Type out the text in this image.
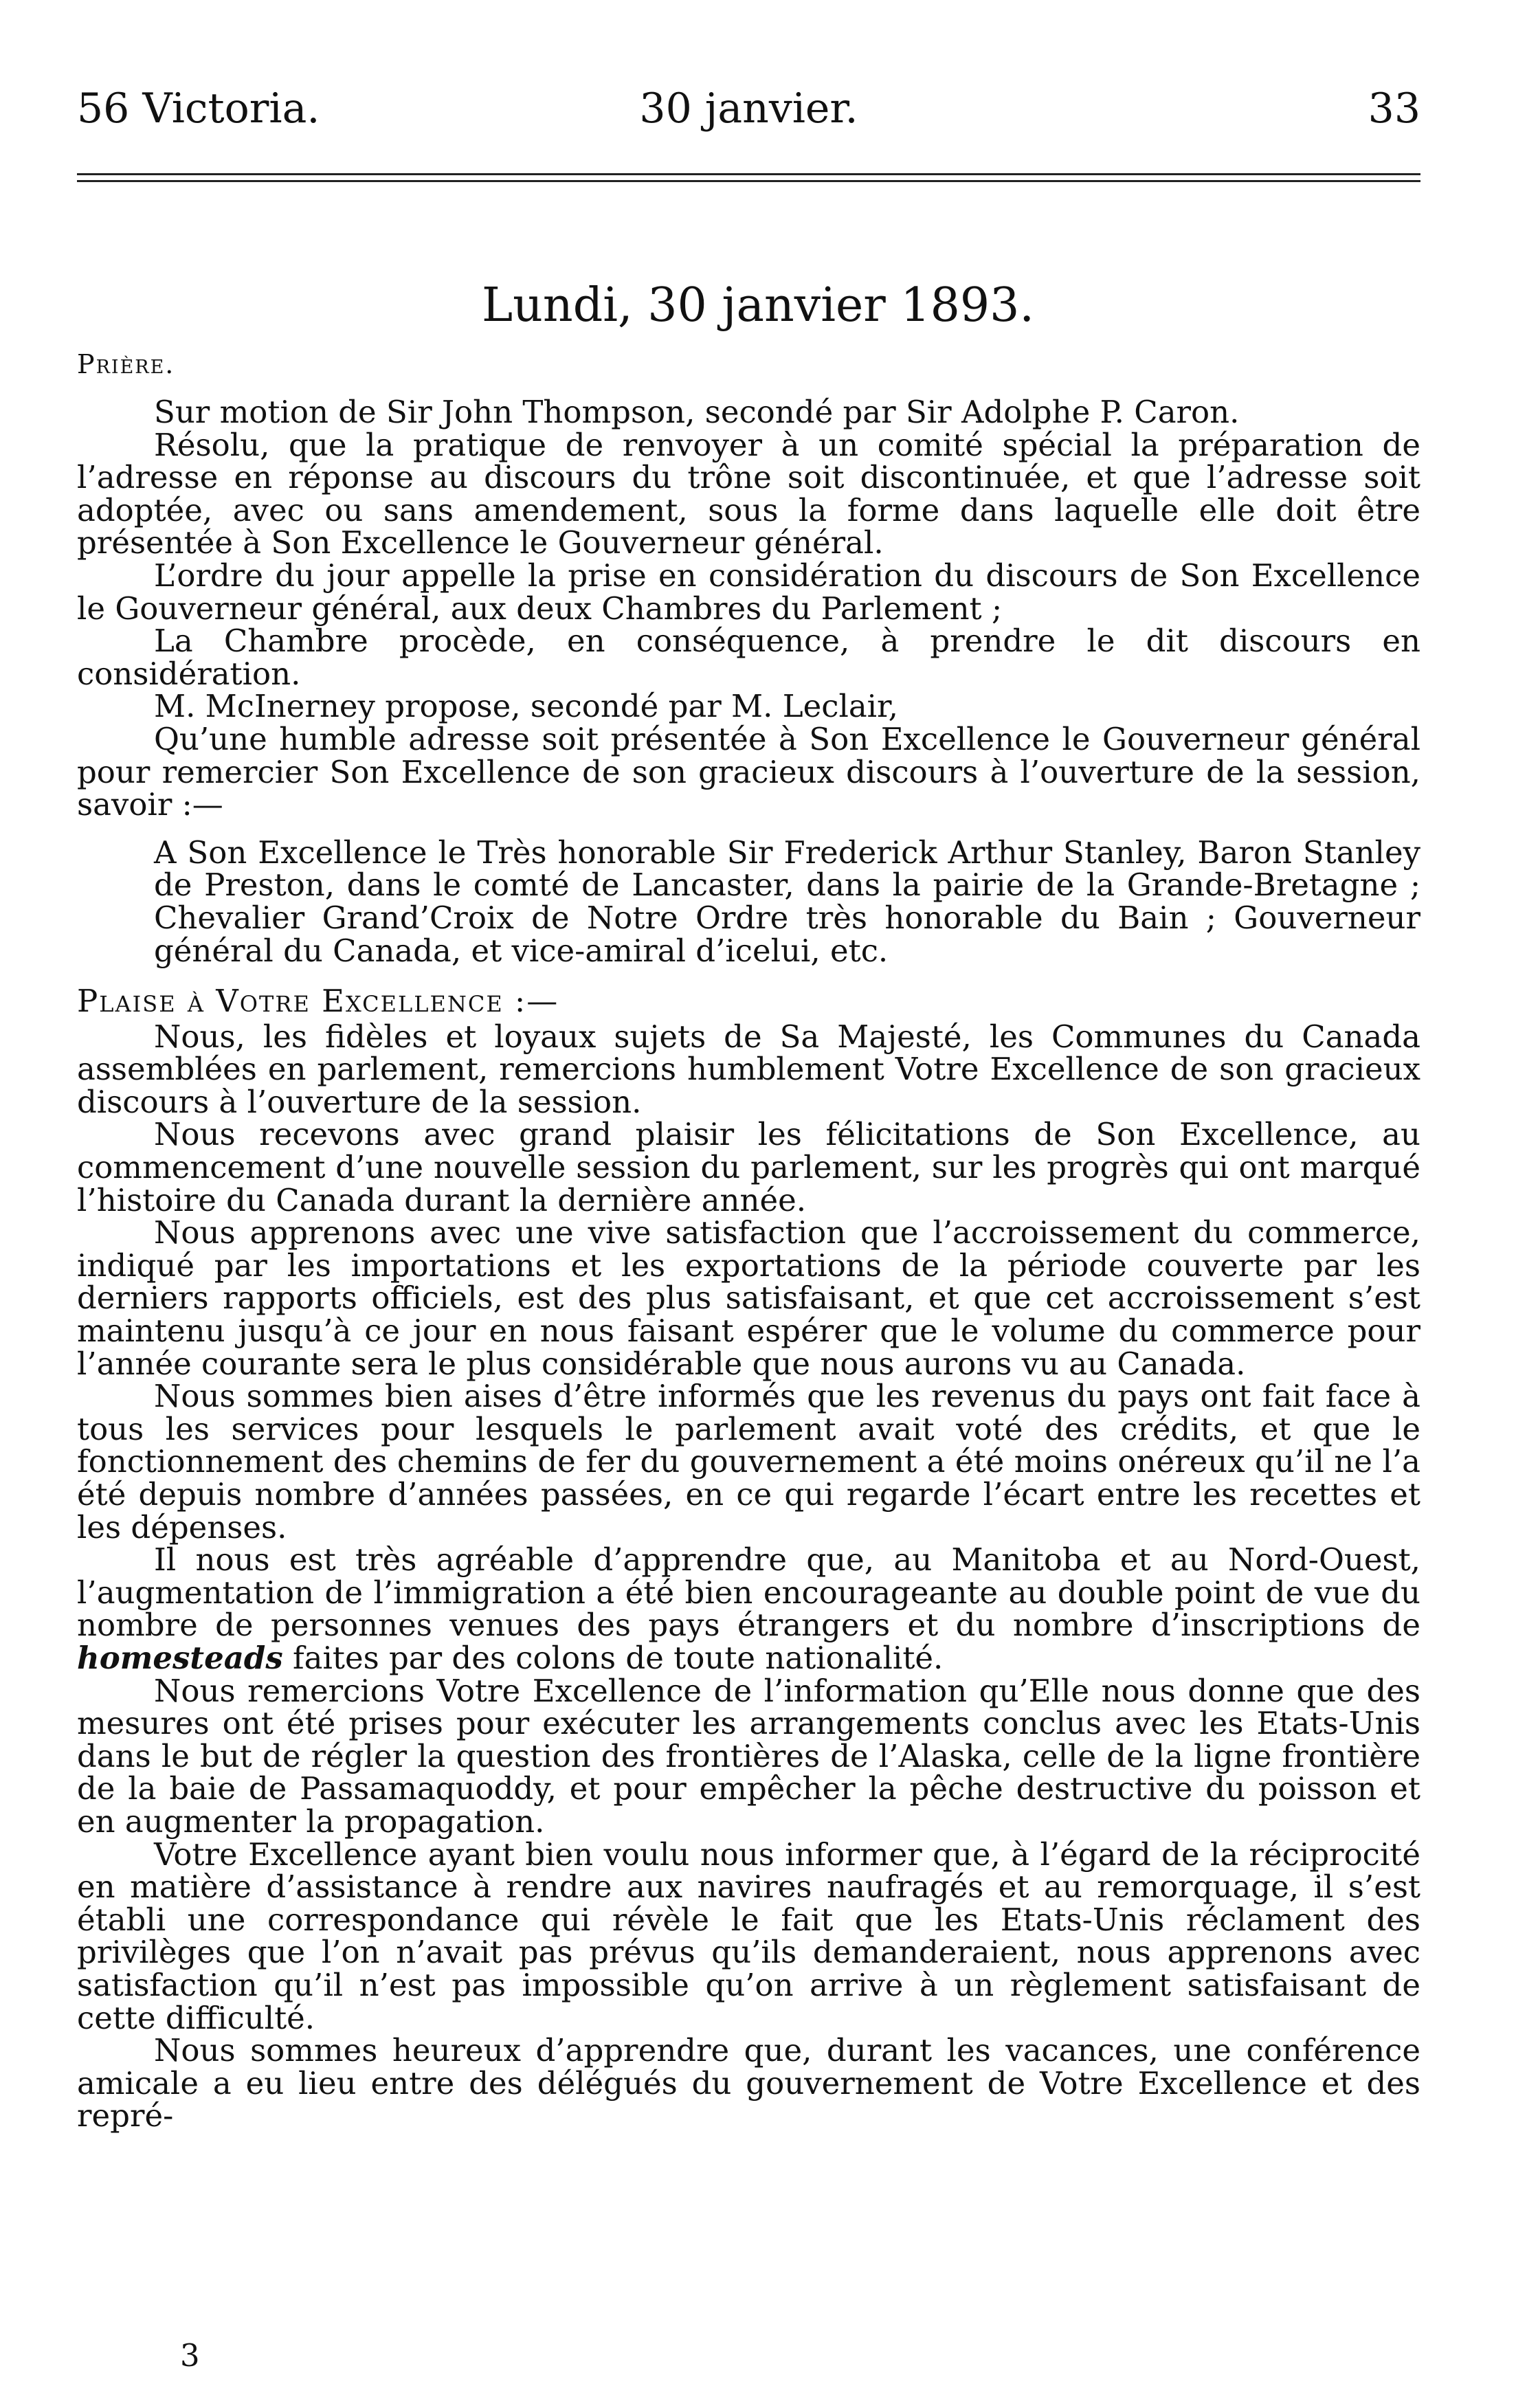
56 Victoria.	30 janvier.	33
Lundi, 30 janvier 1893.
Prière.

Sur motion de Sir John Thompson, secondé par Sir Adolphe P. Caron.

Résolu, que la pratique de renvoyer à un comité spécial la préparation de l’adresse en réponse au discours du trône soit discontinuée, et que l’adresse soit adoptée, avec ou sans amendement, sous la forme dans laquelle elle doit être présentée à Son Excellence le Gouverneur général.

L’ordre du jour appelle la prise en considération du discours de Son Excellence le Gouverneur général, aux deux Chambres du Parlement ;

La Chambre procède, en conséquence, à prendre le dit discours en considération.

M. McInerney propose, secondé par M. Leclair,

Qu’une humble adresse soit présentée à Son Excellence le Gouverneur général pour remercier Son Excellence de son gracieux discours à l’ouverture de la session, savoir :—

A Son Excellence le Très honorable Sir Frederick Arthur Stanley, Baron Stanley de Preston, dans le comté de Lancaster, dans la pairie de la Grande-Bretagne ; Chevalier Grand’Croix de Notre Ordre très honorable du Bain ; Gouverneur général du Canada, et vice-amiral d’icelui, etc.

Plaise à Votre Excellence :—

Nous, les fidèles et loyaux sujets de Sa Majesté, les Communes du Canada assemblées en parlement, remercions humblement Votre Excellence de son gracieux discours à l’ouverture de la session.

Nous recevons avec grand plaisir les félicitations de Son Excellence, au commencement d’une nouvelle session du parlement, sur les progrès qui ont marqué l’histoire du Canada durant la dernière année.

Nous apprenons avec une vive satisfaction que l’accroissement du commerce, indiqué par les importations et les exportations de la période couverte par les derniers rapports officiels, est des plus satisfaisant, et que cet accroissement s’est maintenu jusqu’à ce jour en nous faisant espérer que le volume du commerce pour l’année courante sera le plus considérable que nous aurons vu au Canada.

Nous sommes bien aises d’être informés que les revenus du pays ont fait face à tous les services pour lesquels le parlement avait voté des crédits, et que le fonctionnement des chemins de fer du gouvernement a été moins onéreux qu’il ne l’a été depuis nombre d’années passées, en ce qui regarde l’écart entre les recettes et les dépenses.

Il nous est très agréable d’apprendre que, au Manitoba et au Nord-Ouest, l’augmentation de l’immigration a été bien encourageante au double point de vue du nombre de personnes venues des pays étrangers et du nombre d’inscriptions de homesteads faites par des colons de toute nationalité.

Nous remercions Votre Excellence de l’information qu’Elle nous donne que des mesures ont été prises pour exécuter les arrangements conclus avec les Etats-Unis dans le but de régler la question des frontières de l’Alaska, celle de la ligne frontière de la baie de Passamaquoddy, et pour empêcher la pêche destructive du poisson et en augmenter la propagation.

Votre Excellence ayant bien voulu nous informer que, à l’égard de la réciprocité en matière d’assistance à rendre aux navires naufragés et au remorquage, il s’est établi une correspondance qui révèle le fait que les Etats-Unis réclament des privilèges que l’on n’avait pas prévus qu’ils demanderaient, nous apprenons avec satisfaction qu’il n’est pas impossible qu’on arrive à un règlement satisfaisant de cette difficulté.

Nous sommes heureux d’apprendre que, durant les vacances, une conférence amicale a eu lieu entre des délégués du gouvernement de Votre Excellence et des repré-

3
